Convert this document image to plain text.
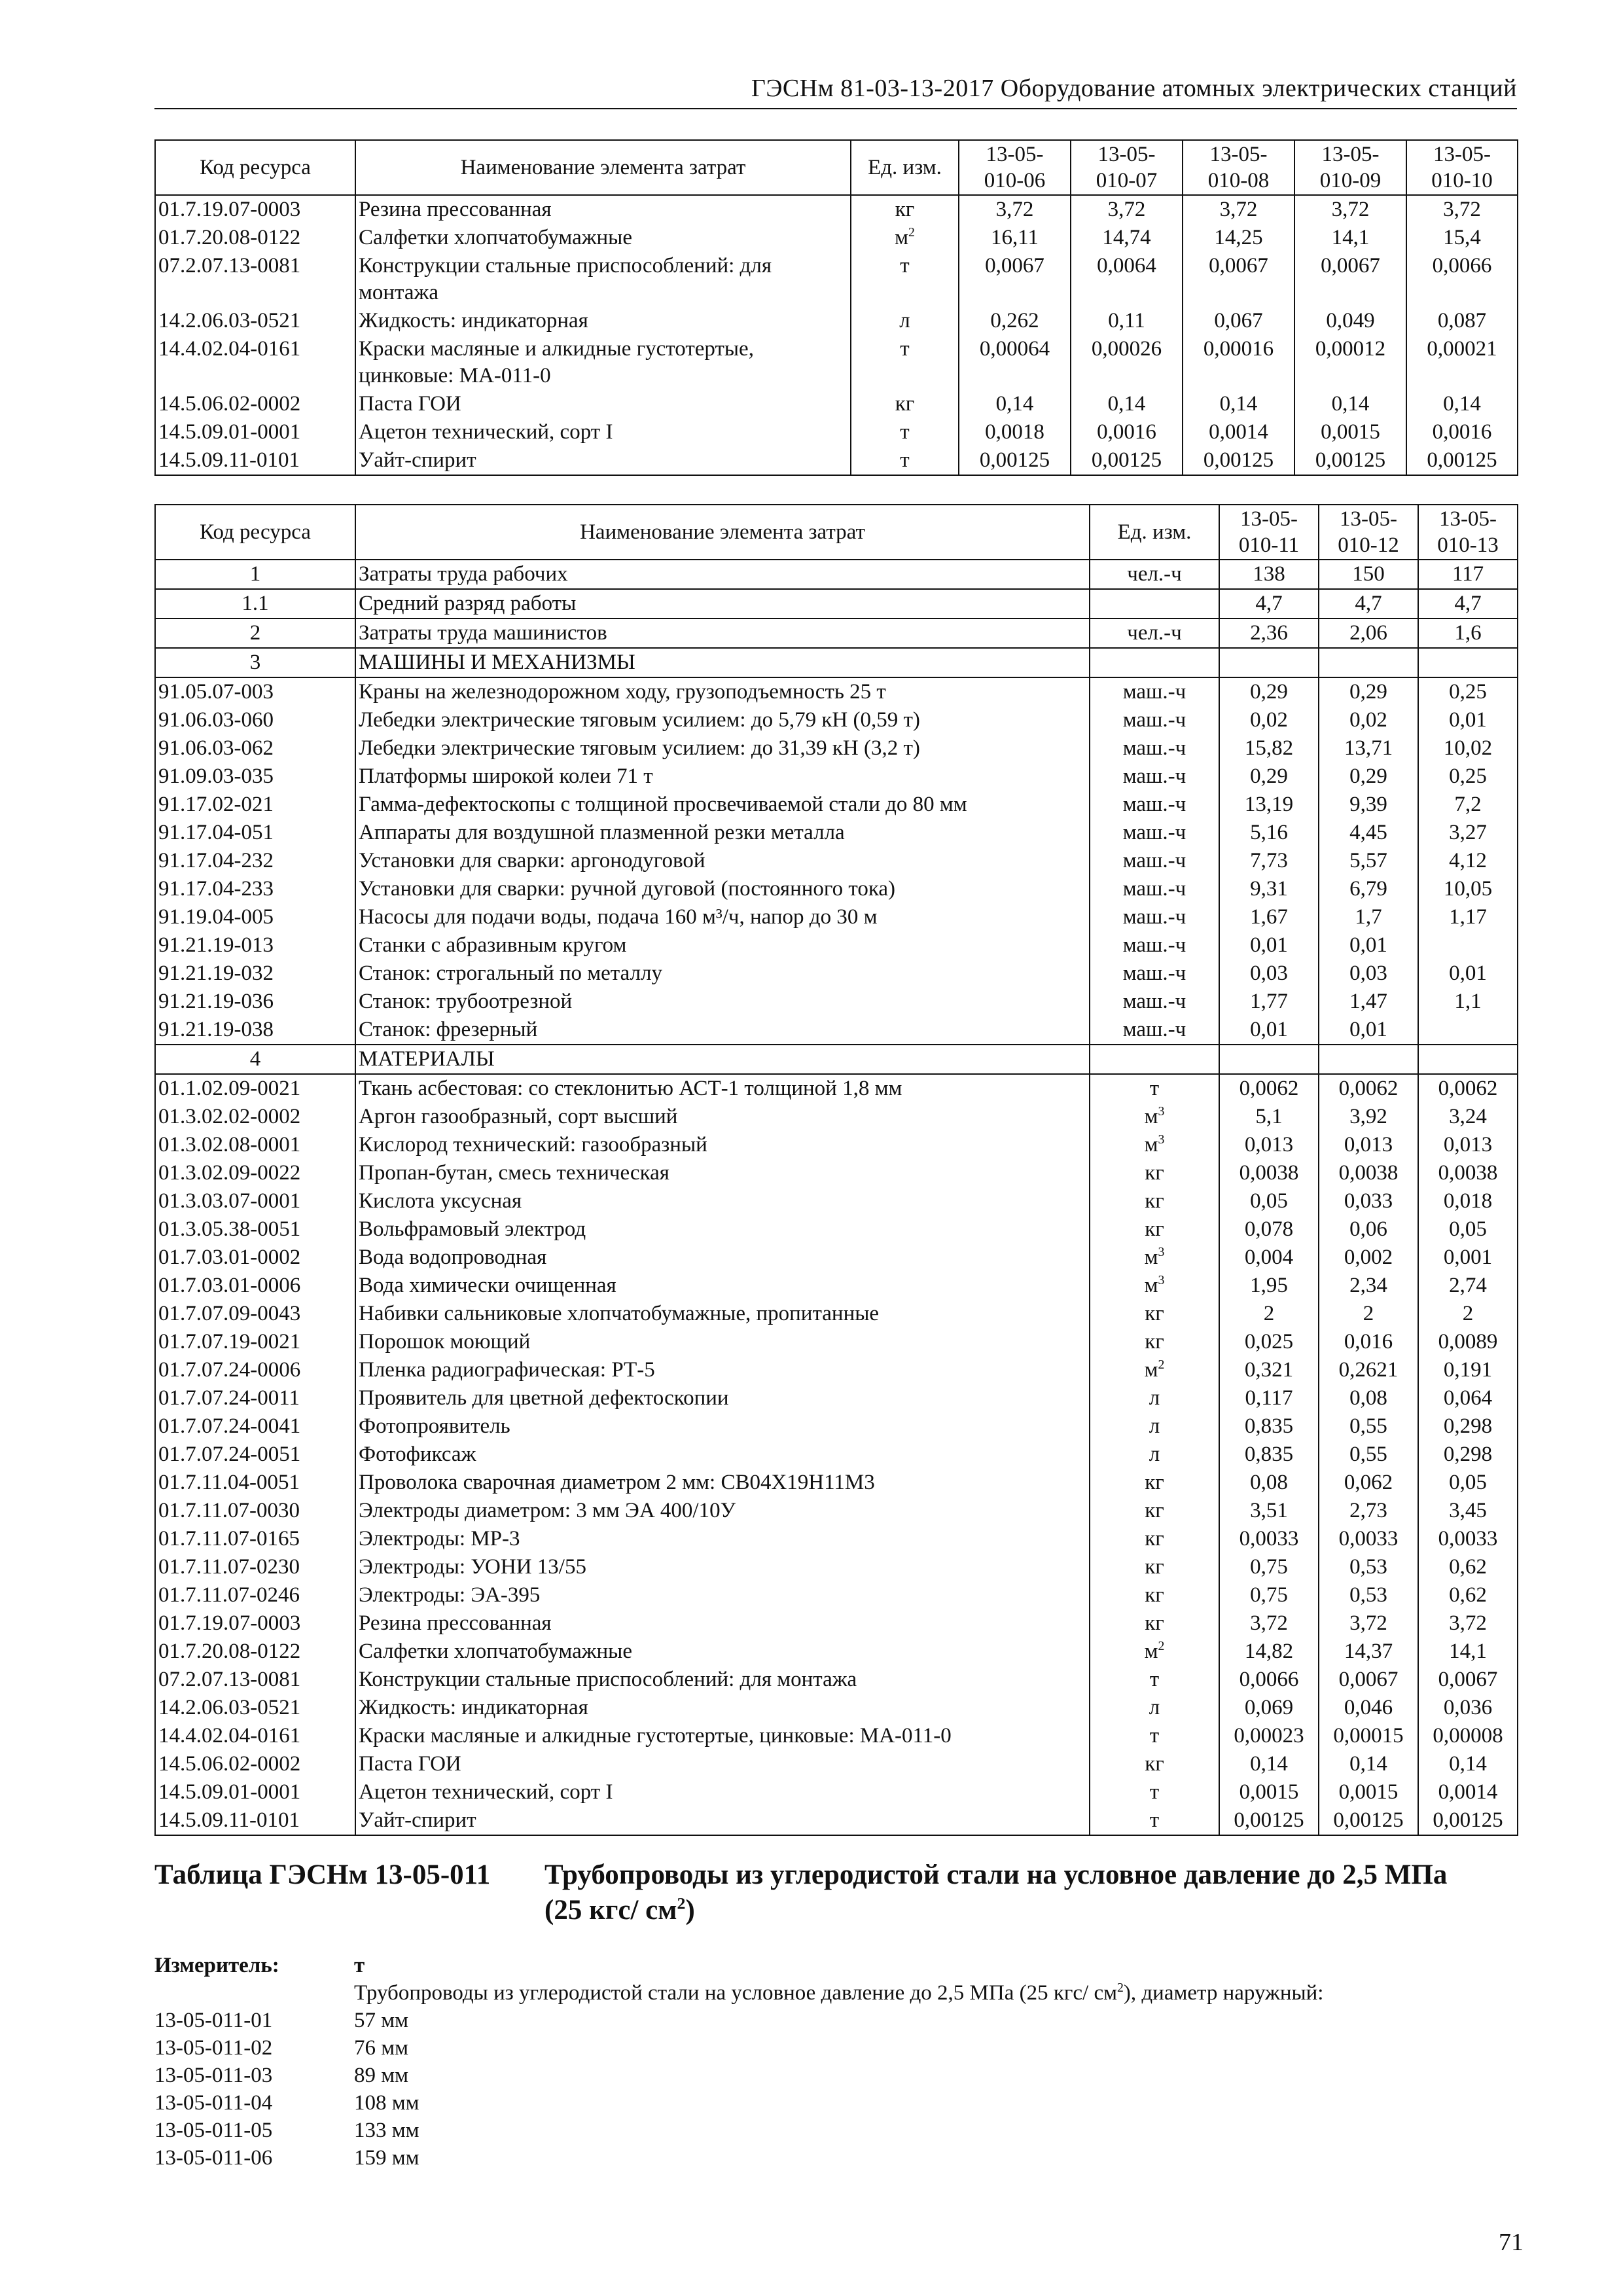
ГЭСНм 81-03-13-2017 Оборудование атомных электрических станций
Код ресурса	Наименование элемента затрат	Ед. изм.	13-05-
010-06	13-05-
010-07	13-05-
010-08	13-05-
010-09	13-05-
010-10
01.7.19.07-0003	Резина прессованная	кг	3,72	3,72	3,72	3,72	3,72
01.7.20.08-0122	Салфетки хлопчатобумажные	$м^2$	16,11	14,74	14,25	14,1	15,4
07.2.07.13-0081	Конструкции стальные приспособлений: для монтажа	т	0,0067	0,0064	0,0067	0,0067	0,0066
14.2.06.03-0521	Жидкость: индикаторная	л	0,262	0,11	0,067	0,049	0,087
14.4.02.04-0161	Краски масляные и алкидные густотертые, цинковые: МА-011-0	т	0,00064	0,00026	0,00016	0,00012	0,00021
14.5.06.02-0002	Паста ГОИ	кг	0,14	0,14	0,14	0,14	0,14
14.5.09.01-0001	Ацетон технический, сорт I	т	0,0018	0,0016	0,0014	0,0015	0,0016
14.5.09.11-0101	Уайт-спирит	т	0,00125	0,00125	0,00125	0,00125	0,00125
Код ресурса	Наименование элемента затрат	Ед. изм.	13-05-
010-11	13-05-
010-12	13-05-
010-13
1	Затраты труда рабочих	чел.-ч	138	150	117
1.1	Средний разряд работы		4,7	4,7	4,7
2	Затраты труда машинистов	чел.-ч	2,36	2,06	1,6
3	МАШИНЫ И МЕХАНИЗМЫ				
91.05.07-003	Краны на железнодорожном ходу, грузоподъемность 25 т	маш.-ч	0,29	0,29	0,25
91.06.03-060	Лебедки электрические тяговым усилием: до 5,79 кН (0,59 т)	маш.-ч	0,02	0,02	0,01
91.06.03-062	Лебедки электрические тяговым усилием: до 31,39 кН (3,2 т)	маш.-ч	15,82	13,71	10,02
91.09.03-035	Платформы широкой колеи 71 т	маш.-ч	0,29	0,29	0,25
91.17.02-021	Гамма-дефектоскопы с толщиной просвечиваемой стали до 80 мм	маш.-ч	13,19	9,39	7,2
91.17.04-051	Аппараты для воздушной плазменной резки металла	маш.-ч	5,16	4,45	3,27
91.17.04-232	Установки для сварки: аргонодуговой	маш.-ч	7,73	5,57	4,12
91.17.04-233	Установки для сварки: ручной дуговой (постоянного тока)	маш.-ч	9,31	6,79	10,05
91.19.04-005	Насосы для подачи воды, подача 160 м³/ч, напор до 30 м	маш.-ч	1,67	1,7	1,17
91.21.19-013	Станки с абразивным кругом	маш.-ч	0,01	0,01	
91.21.19-032	Станок: строгальный по металлу	маш.-ч	0,03	0,03	0,01
91.21.19-036	Станок: трубоотрезной	маш.-ч	1,77	1,47	1,1
91.21.19-038	Станок: фрезерный	маш.-ч	0,01	0,01	
4	МАТЕРИАЛЫ				
01.1.02.09-0021	Ткань асбестовая: со стеклонитью АСТ-1 толщиной 1,8 мм	т	0,0062	0,0062	0,0062
01.3.02.02-0002	Аргон газообразный, сорт высший	$м^3$	5,1	3,92	3,24
01.3.02.08-0001	Кислород технический: газообразный	$м^3$	0,013	0,013	0,013
01.3.02.09-0022	Пропан-бутан, смесь техническая	кг	0,0038	0,0038	0,0038
01.3.03.07-0001	Кислота уксусная	кг	0,05	0,033	0,018
01.3.05.38-0051	Вольфрамовый электрод	кг	0,078	0,06	0,05
01.7.03.01-0002	Вода водопроводная	$м^3$	0,004	0,002	0,001
01.7.03.01-0006	Вода химически очищенная	$м^3$	1,95	2,34	2,74
01.7.07.09-0043	Набивки сальниковые хлопчатобумажные, пропитанные	кг	2	2	2
01.7.07.19-0021	Порошок моющий	кг	0,025	0,016	0,0089
01.7.07.24-0006	Пленка радиографическая: РТ-5	$м^2$	0,321	0,2621	0,191
01.7.07.24-0011	Проявитель для цветной дефектоскопии	л	0,117	0,08	0,064
01.7.07.24-0041	Фотопроявитель	л	0,835	0,55	0,298
01.7.07.24-0051	Фотофиксаж	л	0,835	0,55	0,298
01.7.11.04-0051	Проволока сварочная диаметром 2 мм: СВ04Х19Н11М3	кг	0,08	0,062	0,05
01.7.11.07-0030	Электроды диаметром: 3 мм ЭА 400/10У	кг	3,51	2,73	3,45
01.7.11.07-0165	Электроды: МР-3	кг	0,0033	0,0033	0,0033
01.7.11.07-0230	Электроды: УОНИ 13/55	кг	0,75	0,53	0,62
01.7.11.07-0246	Электроды: ЭА-395	кг	0,75	0,53	0,62
01.7.19.07-0003	Резина прессованная	кг	3,72	3,72	3,72
01.7.20.08-0122	Салфетки хлопчатобумажные	$м^2$	14,82	14,37	14,1
07.2.07.13-0081	Конструкции стальные приспособлений: для монтажа	т	0,0066	0,0067	0,0067
14.2.06.03-0521	Жидкость: индикаторная	л	0,069	0,046	0,036
14.4.02.04-0161	Краски масляные и алкидные густотертые, цинковые: МА-011-0	т	0,00023	0,00015	0,00008
14.5.06.02-0002	Паста ГОИ	кг	0,14	0,14	0,14
14.5.09.01-0001	Ацетон технический, сорт I	т	0,0015	0,0015	0,0014
14.5.09.11-0101	Уайт-спирит	т	0,00125	0,00125	0,00125
Таблица ГЭСНм 13-05-011 Трубопроводы из углеродистой стали на условное давление до 2,5 МПа
(25 кгс/ $см^2$)
Измеритель:	т
Трубопроводы из углеродистой стали на условное давление до 2,5 МПа (25 кгс/ $см^2$), диаметр наружный:
13-05-011-01	57 мм
13-05-011-02	76 мм
13-05-011-03	89 мм
13-05-011-04	108 мм
13-05-011-05	133 мм
13-05-011-06	159 мм
71
